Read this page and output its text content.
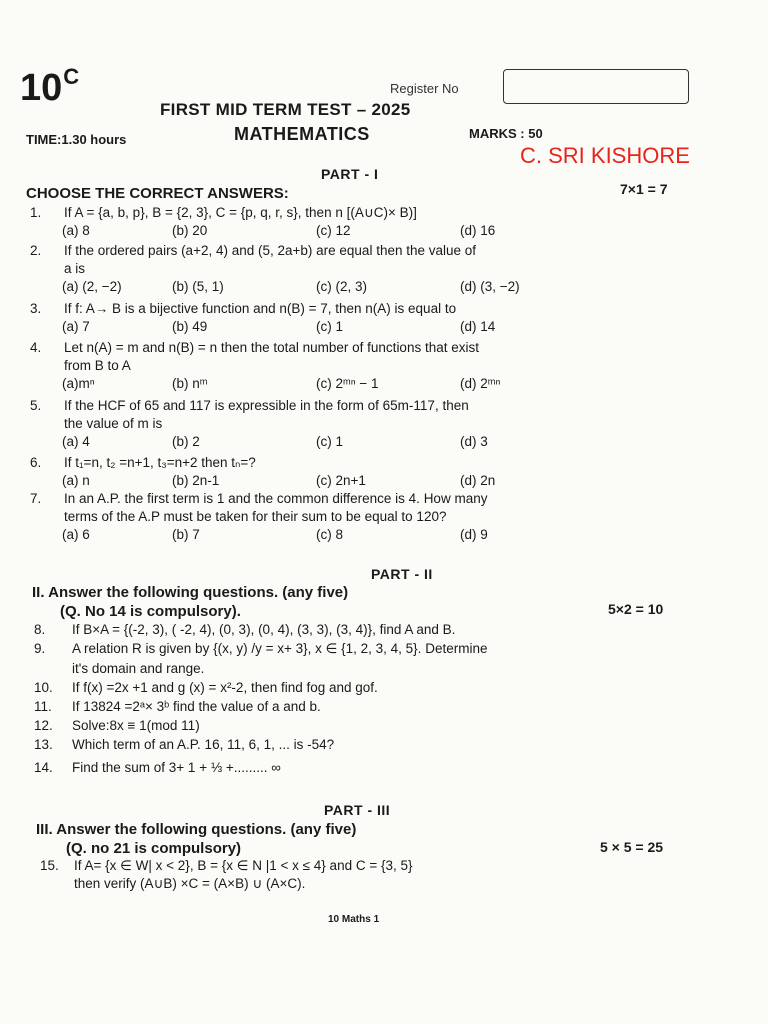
$10^C$	Register No
FIRST MID TERM TEST – 2025
TIME:1.30 hours	MATHEMATICS	MARKS : 50
C. SRI KISHORE
PART - I
CHOOSE THE CORRECT ANSWERS:	7×1 = 7
1. If A = {a, b, p}, B = {2, 3}, C = {p, q, r, s}, then n [(A∪C)× B)]
(a) 8	(b) 20	(c) 12	(d) 16
2. If the ordered pairs (a+2, 4) and (5, 2a+b) are equal then the value of
a is
(a) (2, −2)	(b) (5, 1)	(c) (2, 3)	(d) (3, −2)
3. If f: A→ B is a bijective function and n(B) = 7, then n(A) is equal to
(a) 7	(b) 49	(c) 1	(d) 14
4. Let n(A) = m and n(B) = n then the total number of functions that exist
from B to A
(a)mⁿ	(b) nᵐ	(c) 2ᵐⁿ − 1	(d) 2ᵐⁿ
5. If the HCF of 65 and 117 is expressible in the form of 65m-117, then
the value of m is
(a) 4	(b) 2	(c) 1	(d) 3
6. If t₁=n, t₂ =n+1, t₃=n+2 then tₙ=?
(a) n	(b) 2n-1	(c) 2n+1	(d) 2n
7. In an A.P. the first term is 1 and the common difference is 4. How many
terms of the A.P must be taken for their sum to be equal to 120?
(a) 6	(b) 7	(c) 8	(d) 9
PART - II
II. Answer the following questions. (any five)
(Q. No 14 is compulsory).	5×2 = 10
8. If B×A = {(-2, 3), ( -2, 4), (0, 3), (0, 4), (3, 3), (3, 4)}, find A and B.
9. A relation R is given by {(x, y) /y = x+ 3}, x ∈ {1, 2, 3, 4, 5}. Determine
it's domain and range.
10. If f(x) =2x +1 and g (x) = x²-2, then find fog and gof.
11. If 13824 =2ᵃ× 3ᵇ find the value of a and b.
12. Solve:8x ≡ 1(mod 11)
13. Which term of an A.P. 16, 11, 6, 1, ... is -54?
14. Find the sum of 3+ 1 + ⅓ +......... ∞
PART - III
III. Answer the following questions. (any five)
(Q. no 21 is compulsory)	5 × 5 = 25
15. If A= {x ∈ W| x < 2}, B = {x ∈ N |1 < x ≤ 4} and C = {3, 5}
then verify (A∪B) ×C = (A×B) ∪ (A×C).
10 Maths 1
